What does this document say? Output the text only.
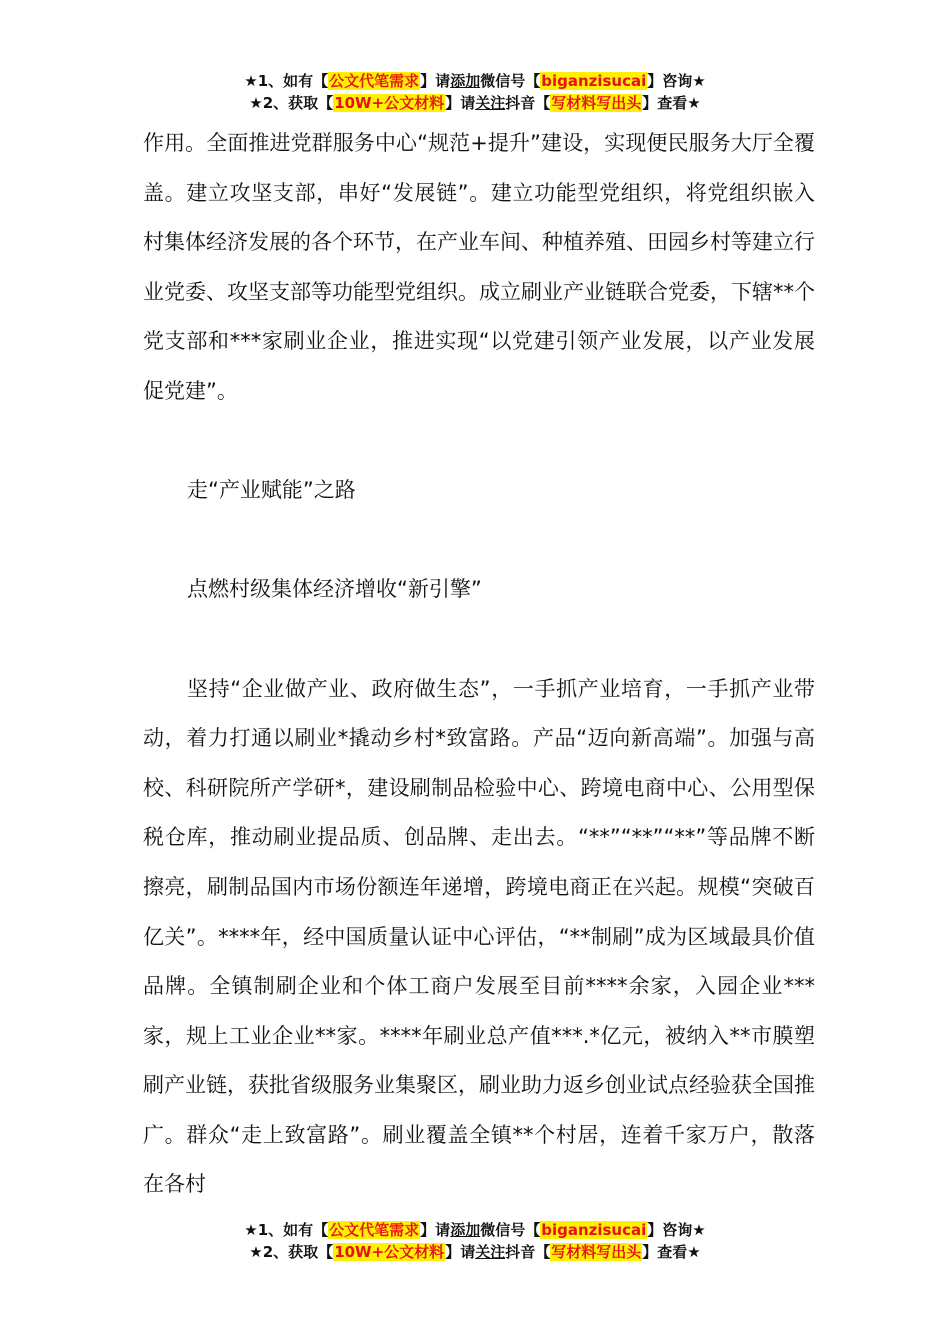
★1、如有【公文代笔需求】请添加微信号【biganzisucai】咨询★
★2、获取【10W+公文材料】请关注抖音【写材料写出头】查看★

作用。全面推进党群服务中心“规范+提升”建设，实现便民服务大厅全覆盖。建立攻坚支部，串好“发展链”。建立功能型党组织，将党组织嵌入村集体经济发展的各个环节，在产业车间、种植养殖、田园乡村等建立行业党委、攻坚支部等功能型党组织。成立刷业产业链联合党委，下辖**个党支部和***家刷业企业，推进实现“以党建引领产业发展，以产业发展促党建”。

走“产业赋能”之路

点燃村级集体经济增收“新引擎”

坚持“企业做产业、政府做生态”，一手抓产业培育，一手抓产业带动，着力打通以刷业*撬动乡村*致富路。产品“迈向新高端”。加强与高校、科研院所产学研*，建设刷制品检验中心、跨境电商中心、公用型保税仓库，推动刷业提品质、创品牌、走出去。“**”“**”“**”等品牌不断擦亮，刷制品国内市场份额连年递增，跨境电商正在兴起。规模“突破百亿关”。****年，经中国质量认证中心评估，“**制刷”成为区域最具价值品牌。全镇制刷企业和个体工商户发展至目前****余家，入园企业***家，规上工业企业**家。****年刷业总产值***.*亿元，被纳入**市膜塑刷产业链，获批省级服务业集聚区，刷业助力返乡创业试点经验获全国推广。群众“走上致富路”。刷业覆盖全镇**个村居，连着千家万户，散落在各村

★1、如有【公文代笔需求】请添加微信号【biganzisucai】咨询★
★2、获取【10W+公文材料】请关注抖音【写材料写出头】查看★
